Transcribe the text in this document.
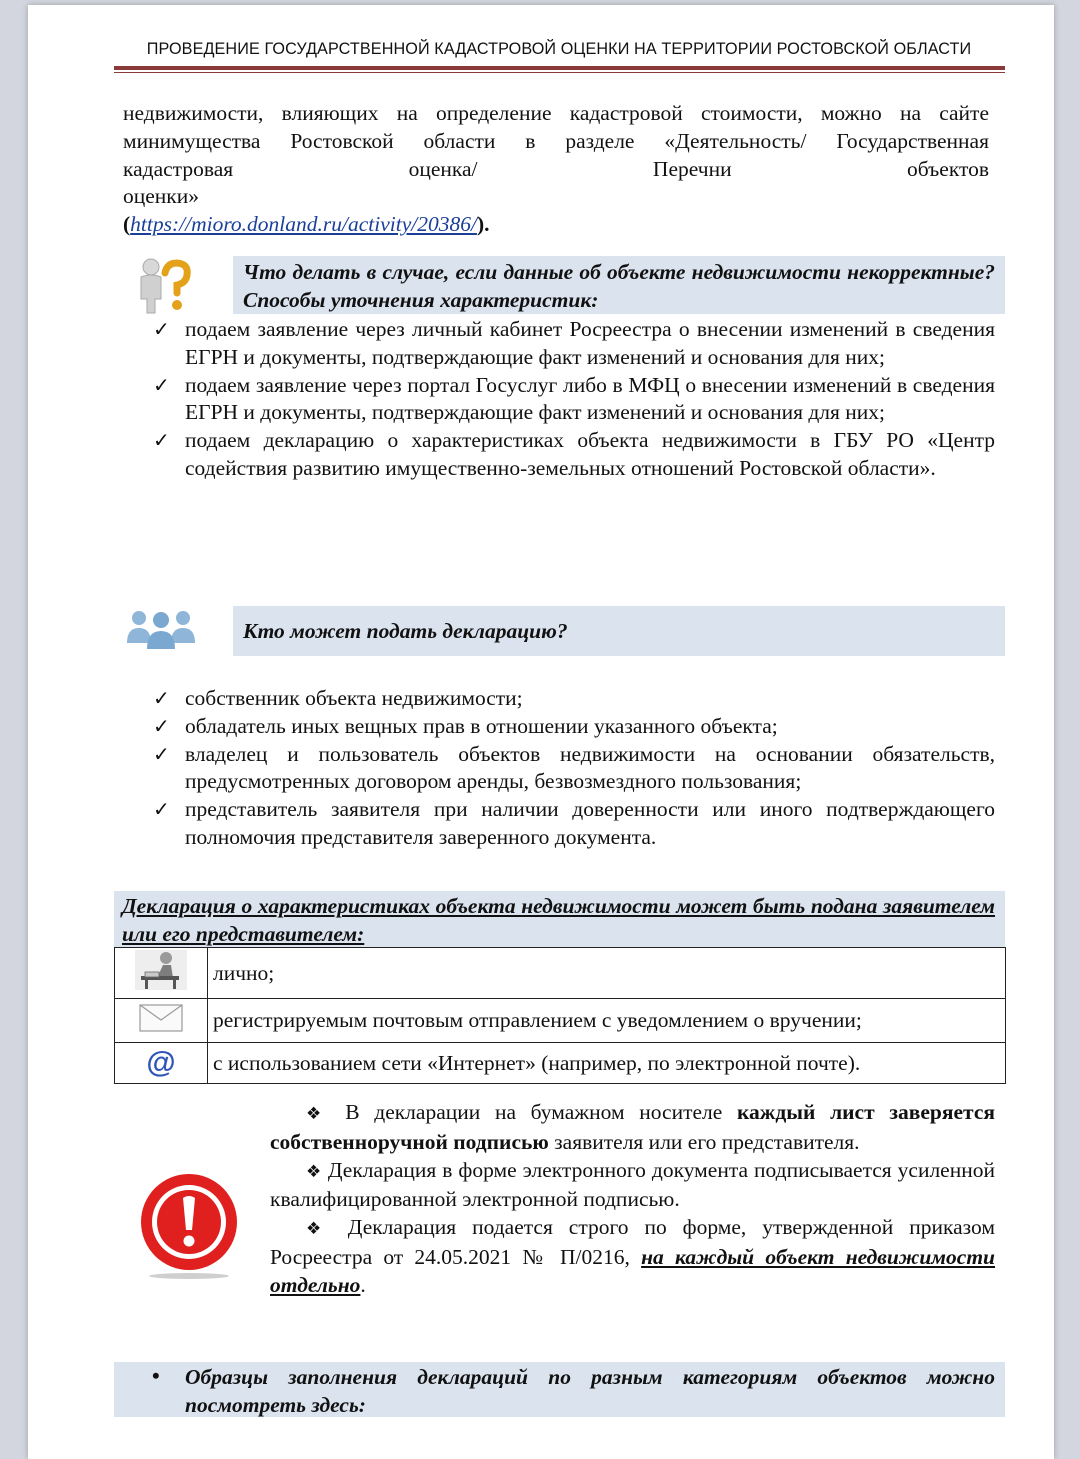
ПРОВЕДЕНИЕ ГОСУДАРСТВЕННОЙ КАДАСТРОВОЙ ОЦЕНКИ НА ТЕРРИТОРИИ РОСТОВСКОЙ ОБЛАСТИ
недвижимости, влияющих на определение кадастровой стоимости, можно на сайте
минимущества Ростовской области в разделе «Деятельность/ Государственная
кадастровая оценка/ Перечни объектов оценки»
(https://mioro.donland.ru/activity/20386/).
Что делать в случае, если данные об объекте недвижимости некорректные? Способы уточнения характеристик:
✓ подаем заявление через личный кабинет Росреестра о внесении изменений в сведения ЕГРН и документы, подтверждающие факт изменений и основания для них;
✓ подаем заявление через портал Госуслуг либо в МФЦ о внесении изменений в сведения ЕГРН и документы, подтверждающие факт изменений и основания для них;
✓ подаем декларацию о характеристиках объекта недвижимости в ГБУ РО «Центр содействия развитию имущественно-земельных отношений Ростовской области».
Кто может подать декларацию?
✓ собственник объекта недвижимости;
✓ обладатель иных вещных прав в отношении указанного объекта;
✓ владелец и пользователь объектов недвижимости на основании обязательств, предусмотренных договором аренды, безвозмездного пользования;
✓ представитель заявителя при наличии доверенности или иного подтверждающего полномочия представителя заверенного документа.
Декларация о характеристиках объекта недвижимости может быть подана заявителем или его представителем:
	лично;
	регистрируемым почтовым отправлением с уведомлением о вручении;
@	с использованием сети «Интернет» (например, по электронной почте).
❖ В декларации на бумажном носителе каждый лист заверяется собственноручной подписью заявителя или его представителя.
❖ Декларация в форме электронного документа подписывается усиленной квалифицированной электронной подписью.
❖ Декларация подается строго по форме, утвержденной приказом Росреестра от 24.05.2021 № П/0216, на каждый объект недвижимости отдельно.
• Образцы заполнения деклараций по разным категориям объектов можно посмотреть здесь:
